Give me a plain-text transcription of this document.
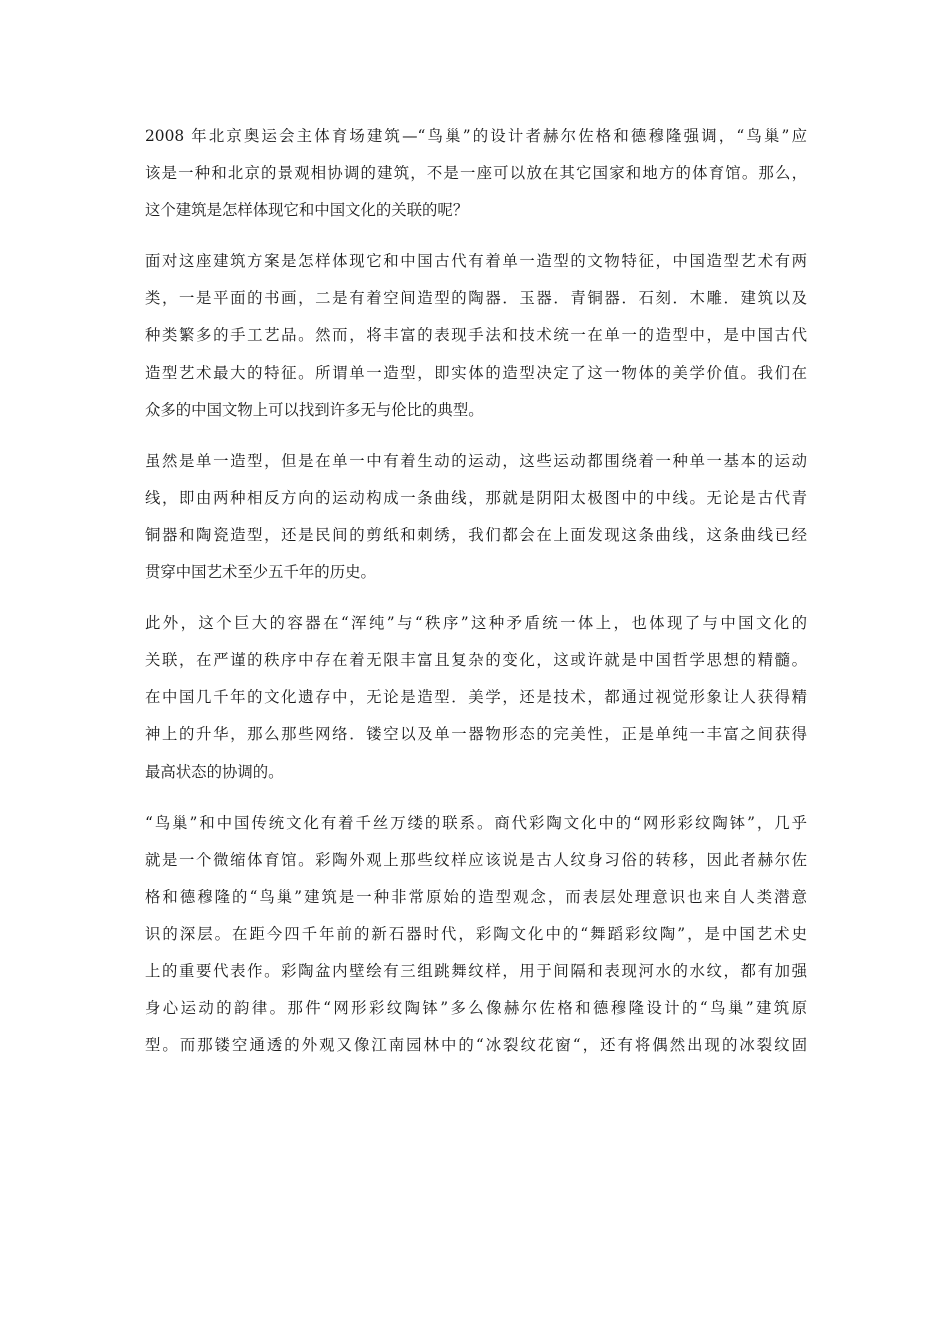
2008 年北京奥运会主体育场建筑—“鸟巢”的设计者赫尔佐格和德穆隆强调，“鸟巢”应
该是一种和北京的景观相协调的建筑，不是一座可以放在其它国家和地方的体育馆。那么，
这个建筑是怎样体现它和中国文化的关联的呢？
面对这座建筑方案是怎样体现它和中国古代有着单一造型的文物特征，中国造型艺术有两
类，一是平面的书画，二是有着空间造型的陶器．玉器．青铜器．石刻．木雕．建筑以及
种类繁多的手工艺品。然而，将丰富的表现手法和技术统一在单一的造型中，是中国古代
造型艺术最大的特征。所谓单一造型，即实体的造型决定了这一物体的美学价值。我们在
众多的中国文物上可以找到许多无与伦比的典型。
虽然是单一造型，但是在单一中有着生动的运动，这些运动都围绕着一种单一基本的运动
线，即由两种相反方向的运动构成一条曲线，那就是阴阳太极图中的中线。无论是古代青
铜器和陶瓷造型，还是民间的剪纸和刺绣，我们都会在上面发现这条曲线，这条曲线已经
贯穿中国艺术至少五千年的历史。
此外，这个巨大的容器在“浑纯”与“秩序”这种矛盾统一体上，也体现了与中国文化的
关联，在严谨的秩序中存在着无限丰富且复杂的变化，这或许就是中国哲学思想的精髓。
在中国几千年的文化遗存中，无论是造型．美学，还是技术，都通过视觉形象让人获得精
神上的升华，那么那些网络．镂空以及单一器物形态的完美性，正是单纯一丰富之间获得
最高状态的协调的。
“鸟巢”和中国传统文化有着千丝万缕的联系。商代彩陶文化中的“网形彩纹陶钵”，几乎
就是一个微缩体育馆。彩陶外观上那些纹样应该说是古人纹身习俗的转移，因此者赫尔佐
格和德穆隆的“鸟巢”建筑是一种非常原始的造型观念，而表层处理意识也来自人类潜意
识的深层。在距今四千年前的新石器时代，彩陶文化中的“舞蹈彩纹陶”，是中国艺术史
上的重要代表作。彩陶盆内壁绘有三组跳舞纹样，用于间隔和表现河水的水纹，都有加强
身心运动的韵律。那件“网形彩纹陶钵”多么像赫尔佐格和德穆隆设计的“鸟巢”建筑原
型。而那镂空通透的外观又像江南园林中的“冰裂纹花窗“，还有将偶然出现的冰裂纹固
